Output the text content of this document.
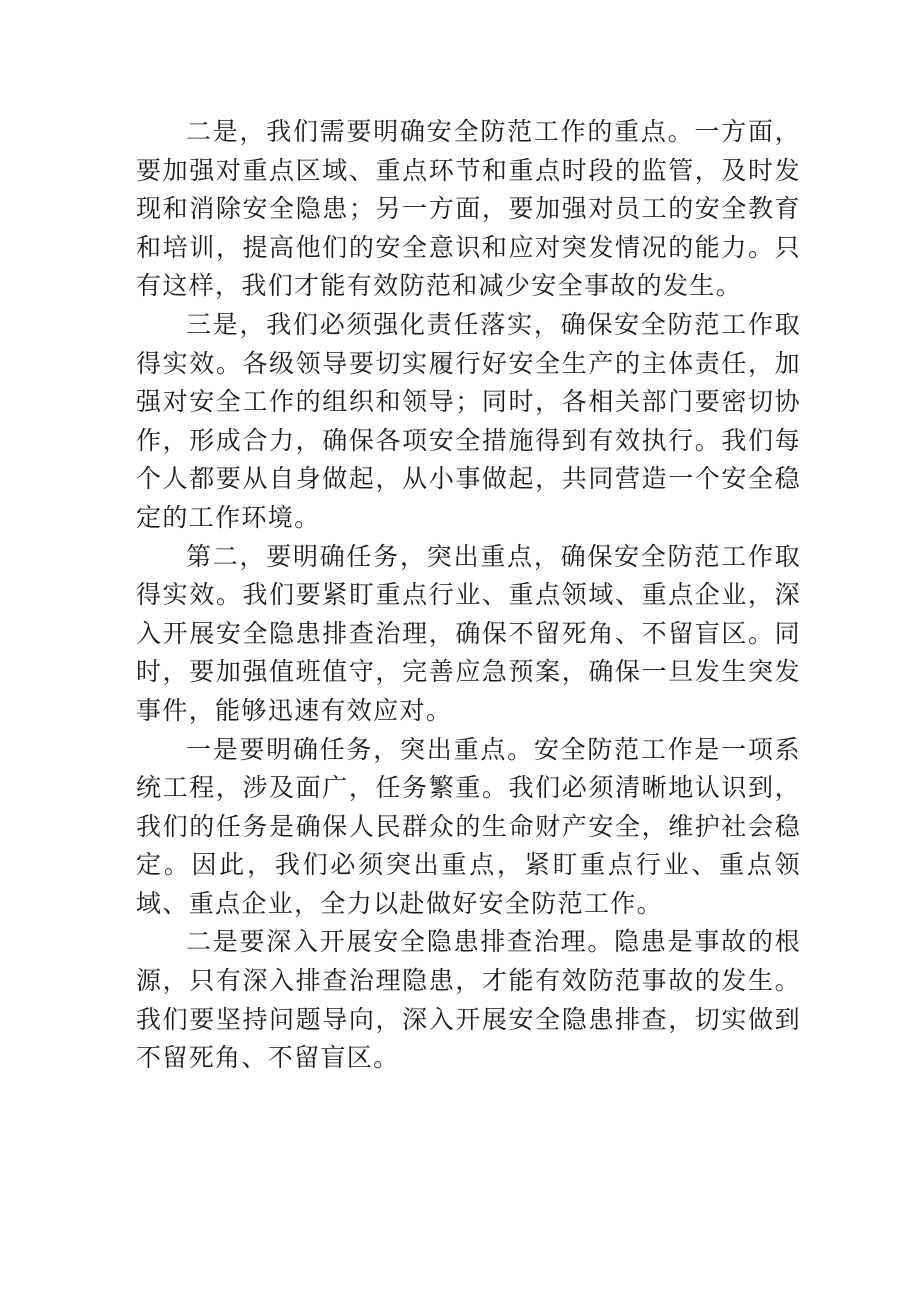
二是，我们需要明确安全防范工作的重点。一方面，要加强对重点区域、重点环节和重点时段的监管，及时发现和消除安全隐患；另一方面，要加强对员工的安全教育和培训，提高他们的安全意识和应对突发情况的能力。只有这样，我们才能有效防范和减少安全事故的发生。

三是，我们必须强化责任落实，确保安全防范工作取得实效。各级领导要切实履行好安全生产的主体责任，加强对安全工作的组织和领导；同时，各相关部门要密切协作，形成合力，确保各项安全措施得到有效执行。我们每个人都要从自身做起，从小事做起，共同营造一个安全稳定的工作环境。

第二，要明确任务，突出重点，确保安全防范工作取得实效。我们要紧盯重点行业、重点领域、重点企业，深入开展安全隐患排查治理，确保不留死角、不留盲区。同时，要加强值班值守，完善应急预案，确保一旦发生突发事件，能够迅速有效应对。

一是要明确任务，突出重点。安全防范工作是一项系统工程，涉及面广，任务繁重。我们必须清晰地认识到，我们的任务是确保人民群众的生命财产安全，维护社会稳定。因此，我们必须突出重点，紧盯重点行业、重点领域、重点企业，全力以赴做好安全防范工作。

二是要深入开展安全隐患排查治理。隐患是事故的根源，只有深入排查治理隐患，才能有效防范事故的发生。我们要坚持问题导向，深入开展安全隐患排查，切实做到不留死角、不留盲区。
